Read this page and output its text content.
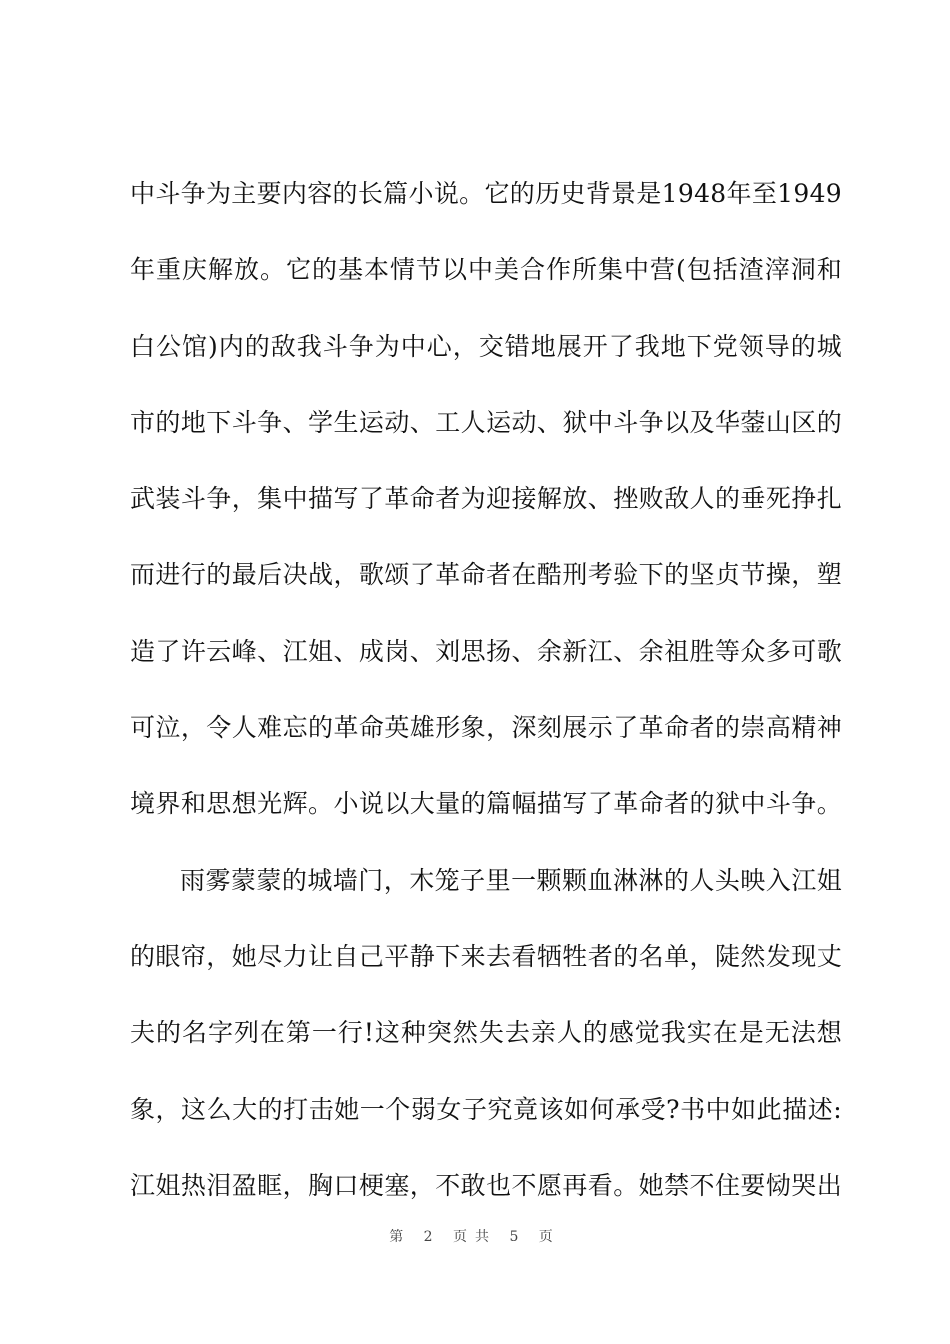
中斗争为主要内容的长篇小说。它的历史背景是1948年至1949
年重庆解放。它的基本情节以中美合作所集中营(包括渣滓洞和
白公馆)内的敌我斗争为中心，交错地展开了我地下党领导的城
市的地下斗争、学生运动、工人运动、狱中斗争以及华蓥山区的
武装斗争，集中描写了革命者为迎接解放、挫败敌人的垂死挣扎
而进行的最后决战，歌颂了革命者在酷刑考验下的坚贞节操，塑
造了许云峰、江姐、成岗、刘思扬、余新江、余祖胜等众多可歌
可泣，令人难忘的革命英雄形象，深刻展示了革命者的崇高精神
境界和思想光辉。小说以大量的篇幅描写了革命者的狱中斗争。
雨雾蒙蒙的城墙门，木笼子里一颗颗血淋淋的人头映入江姐
的眼帘，她尽力让自己平静下来去看牺牲者的名单，陡然发现丈
夫的名字列在第一行!这种突然失去亲人的感觉我实在是无法想
象，这么大的打击她一个弱女子究竟该如何承受?书中如此描述:
江姐热泪盈眶，胸口梗塞，不敢也不愿再看。她禁不住要恸哭出
第 2 页共 5 页
